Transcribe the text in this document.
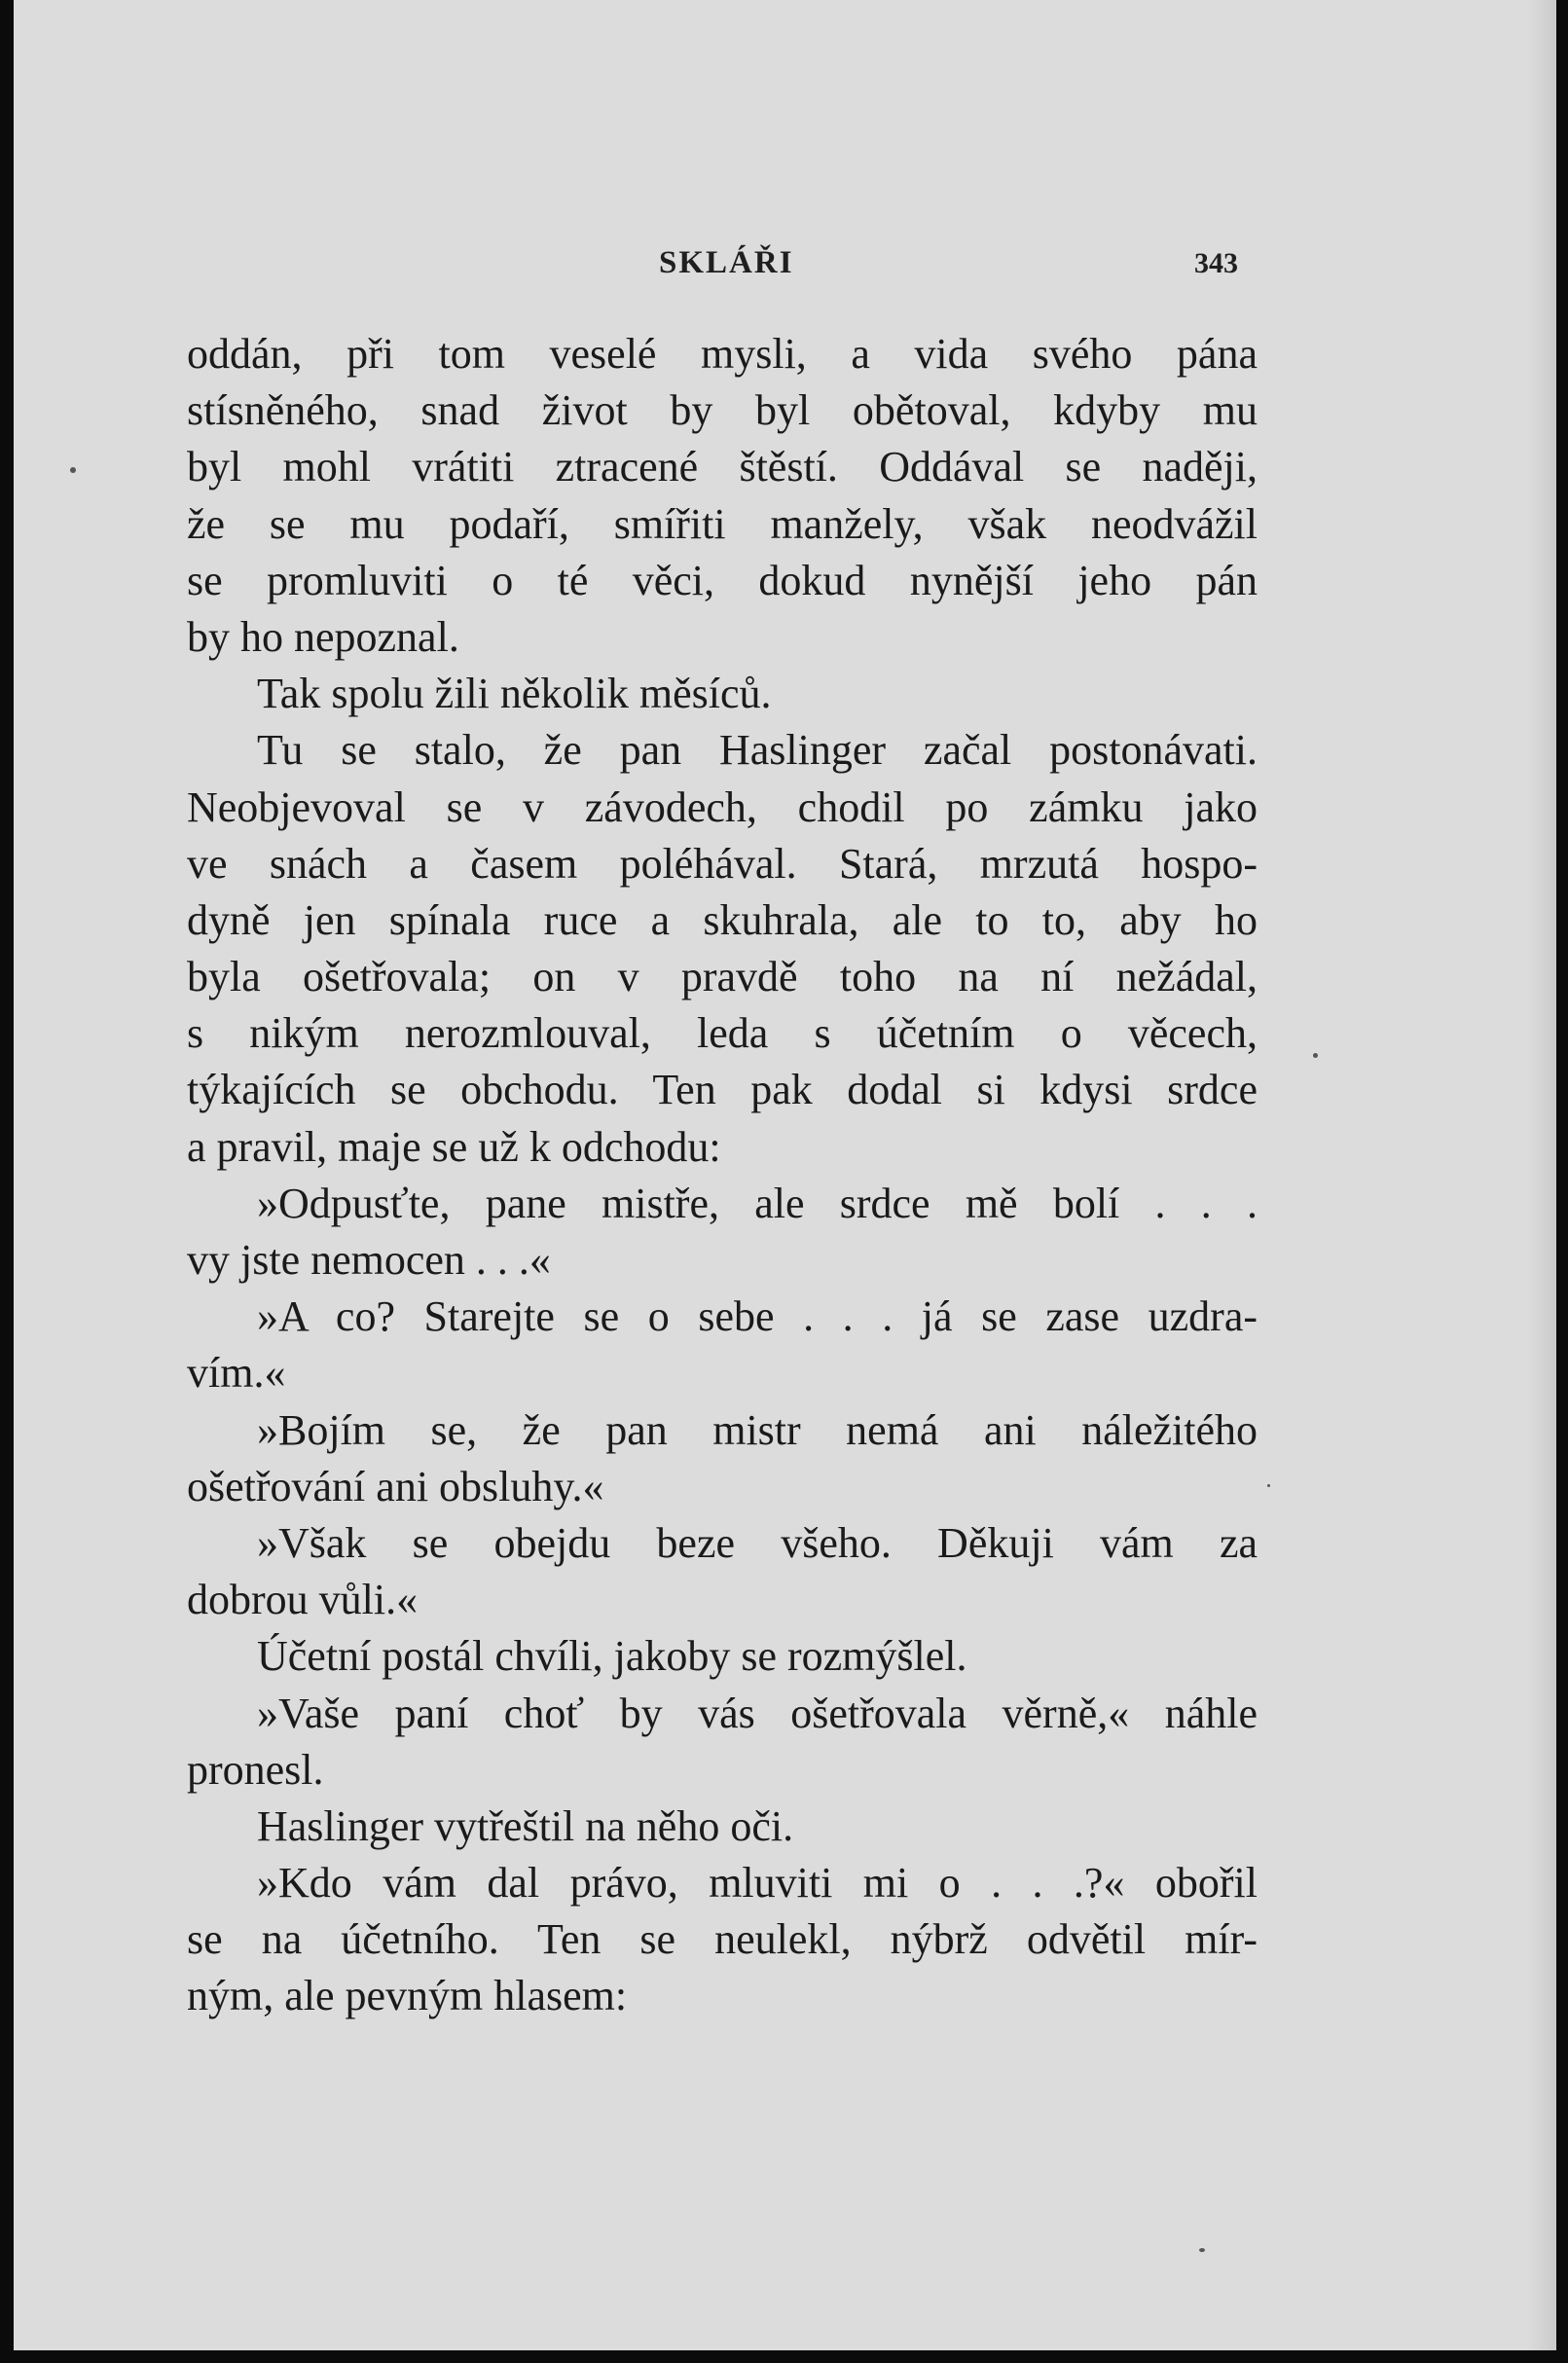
SKLÁŘI	343
oddán, při tom veselé mysli, a vida svého pána
stísněného, snad život by byl obětoval, kdyby mu
byl mohl vrátiti ztracené štěstí. Oddával se naději,
že se mu podaří, smířiti manžely, však neodvážil
se promluviti o té věci, dokud nynější jeho pán
by ho nepoznal.
Tak spolu žili několik měsíců.
Tu se stalo, že pan Haslinger začal postonávati.
Neobjevoval se v závodech, chodil po zámku jako
ve snách a časem poléhával. Stará, mrzutá hospo-
dyně jen spínala ruce a skuhrala, ale to to, aby ho
byla ošetřovala; on v pravdě toho na ní nežádal,
s nikým nerozmlouval, leda s účetním o věcech,
týkajících se obchodu. Ten pak dodal si kdysi srdce
a pravil, maje se už k odchodu:
»Odpusťte, pane mistře, ale srdce mě bolí . . .
vy jste nemocen . . .«
»A co? Starejte se o sebe . . . já se zase uzdra-
vím.«
»Bojím se, že pan mistr nemá ani náležitého
ošetřování ani obsluhy.«
»Však se obejdu beze všeho. Děkuji vám za
dobrou vůli.«
Účetní postál chvíli, jakoby se rozmýšlel.
»Vaše paní choť by vás ošetřovala věrně,« náhle
pronesl.
Haslinger vytřeštil na něho oči.
»Kdo vám dal právo, mluviti mi o . . .?« obořil
se na účetního. Ten se neulekl, nýbrž odvětil mír-
ným, ale pevným hlasem:
